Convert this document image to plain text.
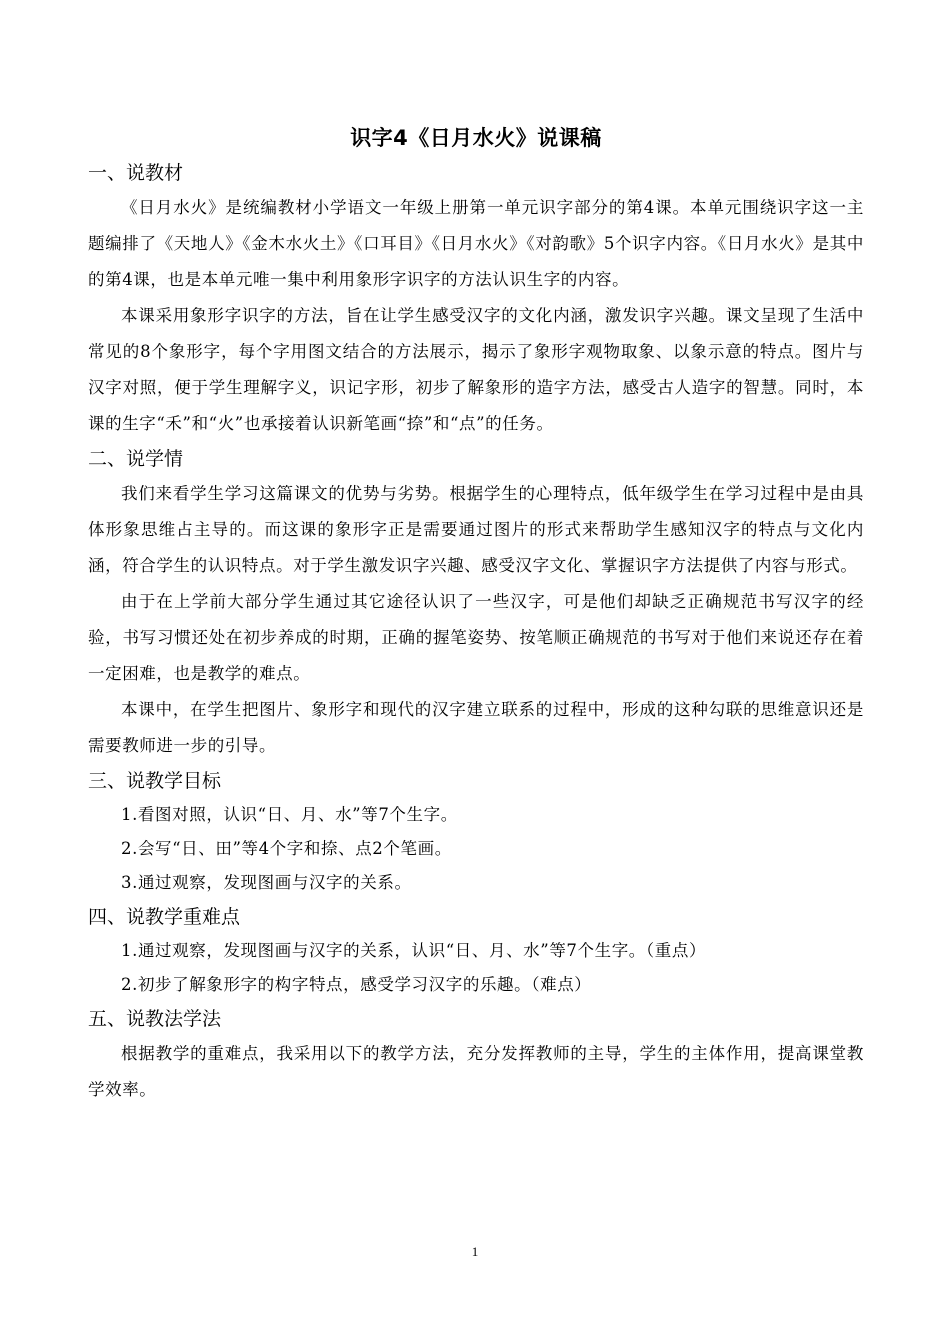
识字4《日月水火》说课稿
一、说教材

《日月水火》是统编教材小学语文一年级上册第一单元识字部分的第4课。本单元围绕识字这一主题编排了《天地人》《金木水火土》《口耳目》《日月水火》《对韵歌》5个识字内容。《日月水火》是其中的第4课，也是本单元唯一集中利用象形字识字的方法认识生字的内容。

本课采用象形字识字的方法，旨在让学生感受汉字的文化内涵，激发识字兴趣。课文呈现了生活中常见的8个象形字，每个字用图文结合的方法展示，揭示了象形字观物取象、以象示意的特点。图片与汉字对照，便于学生理解字义，识记字形，初步了解象形的造字方法，感受古人造字的智慧。同时，本课的生字“禾”和“火”也承接着认识新笔画“捺”和“点”的任务。

二、说学情

我们来看学生学习这篇课文的优势与劣势。根据学生的心理特点，低年级学生在学习过程中是由具体形象思维占主导的。而这课的象形字正是需要通过图片的形式来帮助学生感知汉字的特点与文化内涵，符合学生的认识特点。对于学生激发识字兴趣、感受汉字文化、掌握识字方法提供了内容与形式。

由于在上学前大部分学生通过其它途径认识了一些汉字，可是他们却缺乏正确规范书写汉字的经验，书写习惯还处在初步养成的时期，正确的握笔姿势、按笔顺正确规范的书写对于他们来说还存在着一定困难，也是教学的难点。

本课中，在学生把图片、象形字和现代的汉字建立联系的过程中，形成的这种勾联的思维意识还是需要教师进一步的引导。

三、说教学目标

1.看图对照，认识“日、月、水”等7个生字。

2.会写“日、田”等4个字和捺、点2个笔画。

3.通过观察，发现图画与汉字的关系。

四、说教学重难点

1.通过观察，发现图画与汉字的关系，认识“日、月、水”等7个生字。（重点）

2.初步了解象形字的构字特点，感受学习汉字的乐趣。（难点）

五、说教法学法

根据教学的重难点，我采用以下的教学方法，充分发挥教师的主导，学生的主体作用，提高课堂教学效率。

1
